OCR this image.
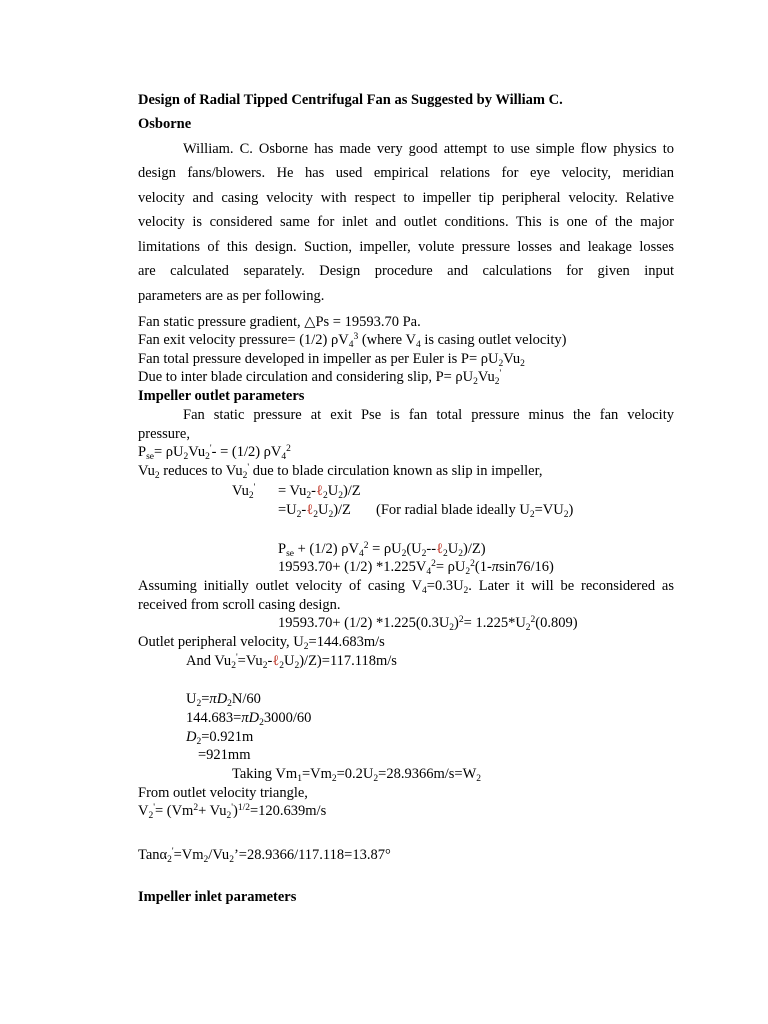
Design of Radial Tipped Centrifugal Fan as Suggested by William C.
Osborne
William. C. Osborne has made very good attempt to use simple flow physics to
design fans/blowers. He has used empirical relations for eye velocity, meridian
velocity and casing velocity with respect to impeller tip peripheral velocity. Relative
velocity is considered same for inlet and outlet conditions. This is one of the major
limitations of this design. Suction, impeller, volute pressure losses and leakage losses
are calculated separately. Design procedure and calculations for given input
parameters are as per following.
Fan static pressure gradient, △Ps = 19593.70 Pa.
Fan exit velocity pressure= (1/2) $\rho V_4^3$ (where $V_4$ is casing outlet velocity)
Fan total pressure developed in impeller as per Euler is $P= \rho U_2Vu_2$
Due to inter blade circulation and considering slip, $P= \rho U_2Vu_2'$
Impeller outlet parameters
Fan static pressure at exit Pse is fan total pressure minus the fan velocity
pressure,
$P_{se}= \rho U_2Vu_2'- = (1/2)$ $\rho V_4^2$
$Vu_2$ reduces to $Vu_2'$ due to blade circulation known as slip in impeller,
$Vu_2'$ = $Vu_2-\ell_2U_2)/Z$
$=U_2-\ell_2U_2)/Z$ (For radial blade ideally $U_2=VU_2$)
$P_{se} + (1/2) \rho V_4^2$ = $\rho U_2(U_2--\ell_2U_2)/Z$)
19593.70+ (1/2) $*1.225V_4^2= \rho U_2^2(1-\pi\sin 76/16)$
Assuming initially outlet velocity of casing $V_4=0.3U_2$. Later it will be reconsidered as
received from scroll casing design.
19593.70+ (1/2) $*1.225(0.3U_2)^2= 1.225*U_2^2(0.809)$
Outlet peripheral velocity, $U_2=144.683m/s$
And $Vu_2'=Vu_2-\ell_2U_2)/Z)=117.118m/s$
$U_2=\pi D_2N/60$
$144.683=\pi D_23000/60$
$D_2=0.921m$
=921mm
Taking $Vm_1=Vm_2=0.2U_2=28.9366m/s=W_2$
From outlet velocity triangle,
$V_2'= (Vm^2+ Vu_2')^{1/2}=120.639m/s$
$Tan\alpha_2'=Vm_2/Vu_2’=28.9366/117.118=13.87^\circ$
Impeller inlet parameters
